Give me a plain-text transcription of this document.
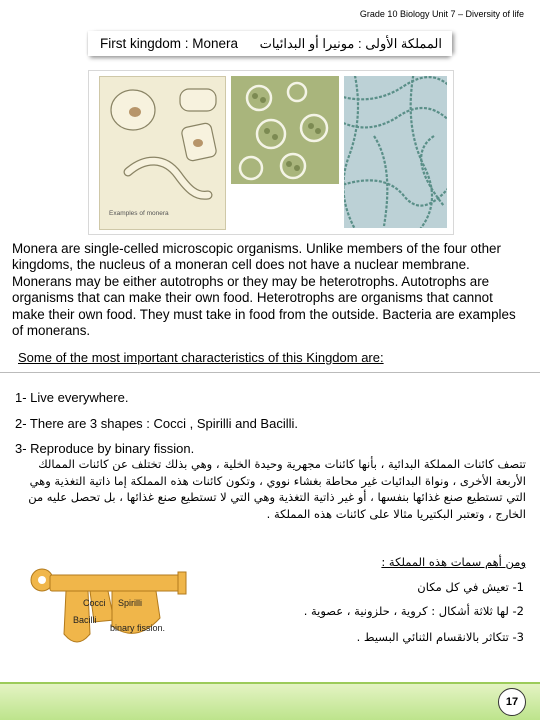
Grade 10 Biology Unit 7 – Diversity of life
First kingdom : Monera المملكة الأولى : مونيرا أو البدائيات
Examples of monera
Monera are single-celled microscopic organisms. Unlike members of the four other kingdoms, the nucleus of a moneran cell does not have a nuclear membrane. Monerans may be either autotrophs or they may be heterotrophs. Autotrophs are organisms that can make their own food. Heterotrophs are organisms that cannot make their own food. They must take in food from the outside. Bacteria are examples of monerans.
Some of the most important characteristics of this Kingdom are:
1- Live everywhere.
2- There are 3 shapes : Cocci , Spirilli and Bacilli.
3- Reproduce by binary fission.
تتصف كائنات المملكة البدائية ، بأنها كائنات مجهرية وحيدة الخلية ، وهي بذلك تختلف عن كائنات الممالك الأربعة الأخرى ، ونواة البدائيات غير محاطة بغشاء نووي ، وتكون كائنات هذه المملكة إما ذاتية التغذية وهي التي تستطيع صنع غذائها بنفسها ، أو غير ذاتية التغذية وهي التي لا تستطيع صنع غذائها ، بل تحصل عليه من الخارج ، وتعتبر البكتيريا مثالا على كائنات هذه المملكة .
ومن أهم سمات هذه المملكة :
1- تعيش في كل مكان
2- لها ثلاثة أشكال : كروية ، حلزونية ، عصوية .
3- تتكاثر بالانقسام الثنائي البسيط .
Cocci Spirilli
Bacilli
binary fission.
17
